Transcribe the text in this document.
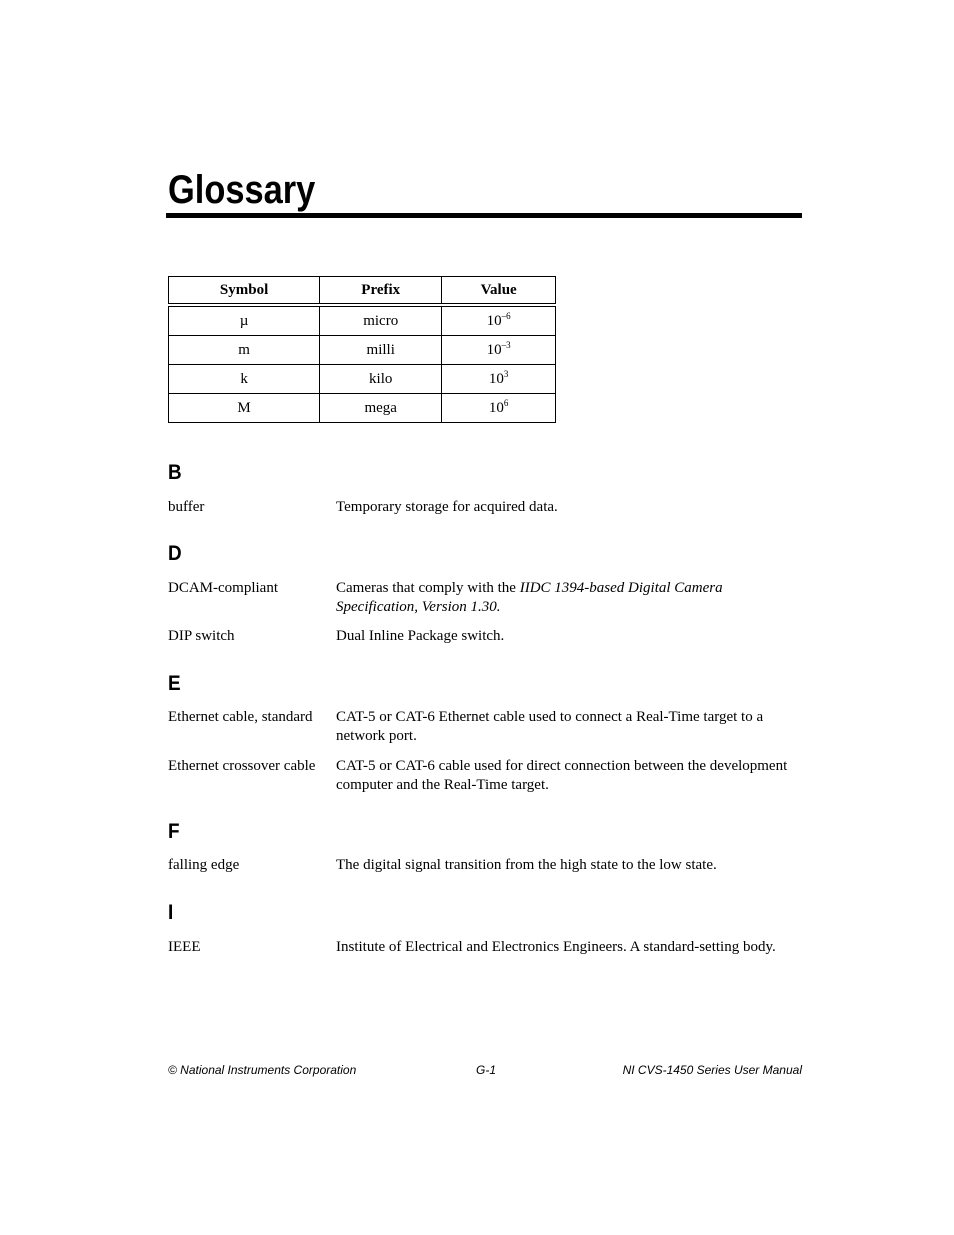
Glossary
Symbol	Prefix	Value
µ	micro	$10^{-6}$
m	milli	$10^{-3}$
k	kilo	$10^3$
M	mega	$10^6$
B

buffer	Temporary storage for acquired data.

D

DCAM-compliant	Cameras that comply with the IIDC 1394-based Digital Camera Specification, Version 1.30.

DIP switch	Dual Inline Package switch.

E

Ethernet cable, standard	CAT-5 or CAT-6 Ethernet cable used to connect a Real-Time target to a network port.

Ethernet crossover cable	CAT-5 or CAT-6 cable used for direct connection between the development computer and the Real-Time target.

F

falling edge	The digital signal transition from the high state to the low state.

I

IEEE	Institute of Electrical and Electronics Engineers. A standard-setting body.

© National Instruments Corporation	G-1	NI CVS-1450 Series User Manual
